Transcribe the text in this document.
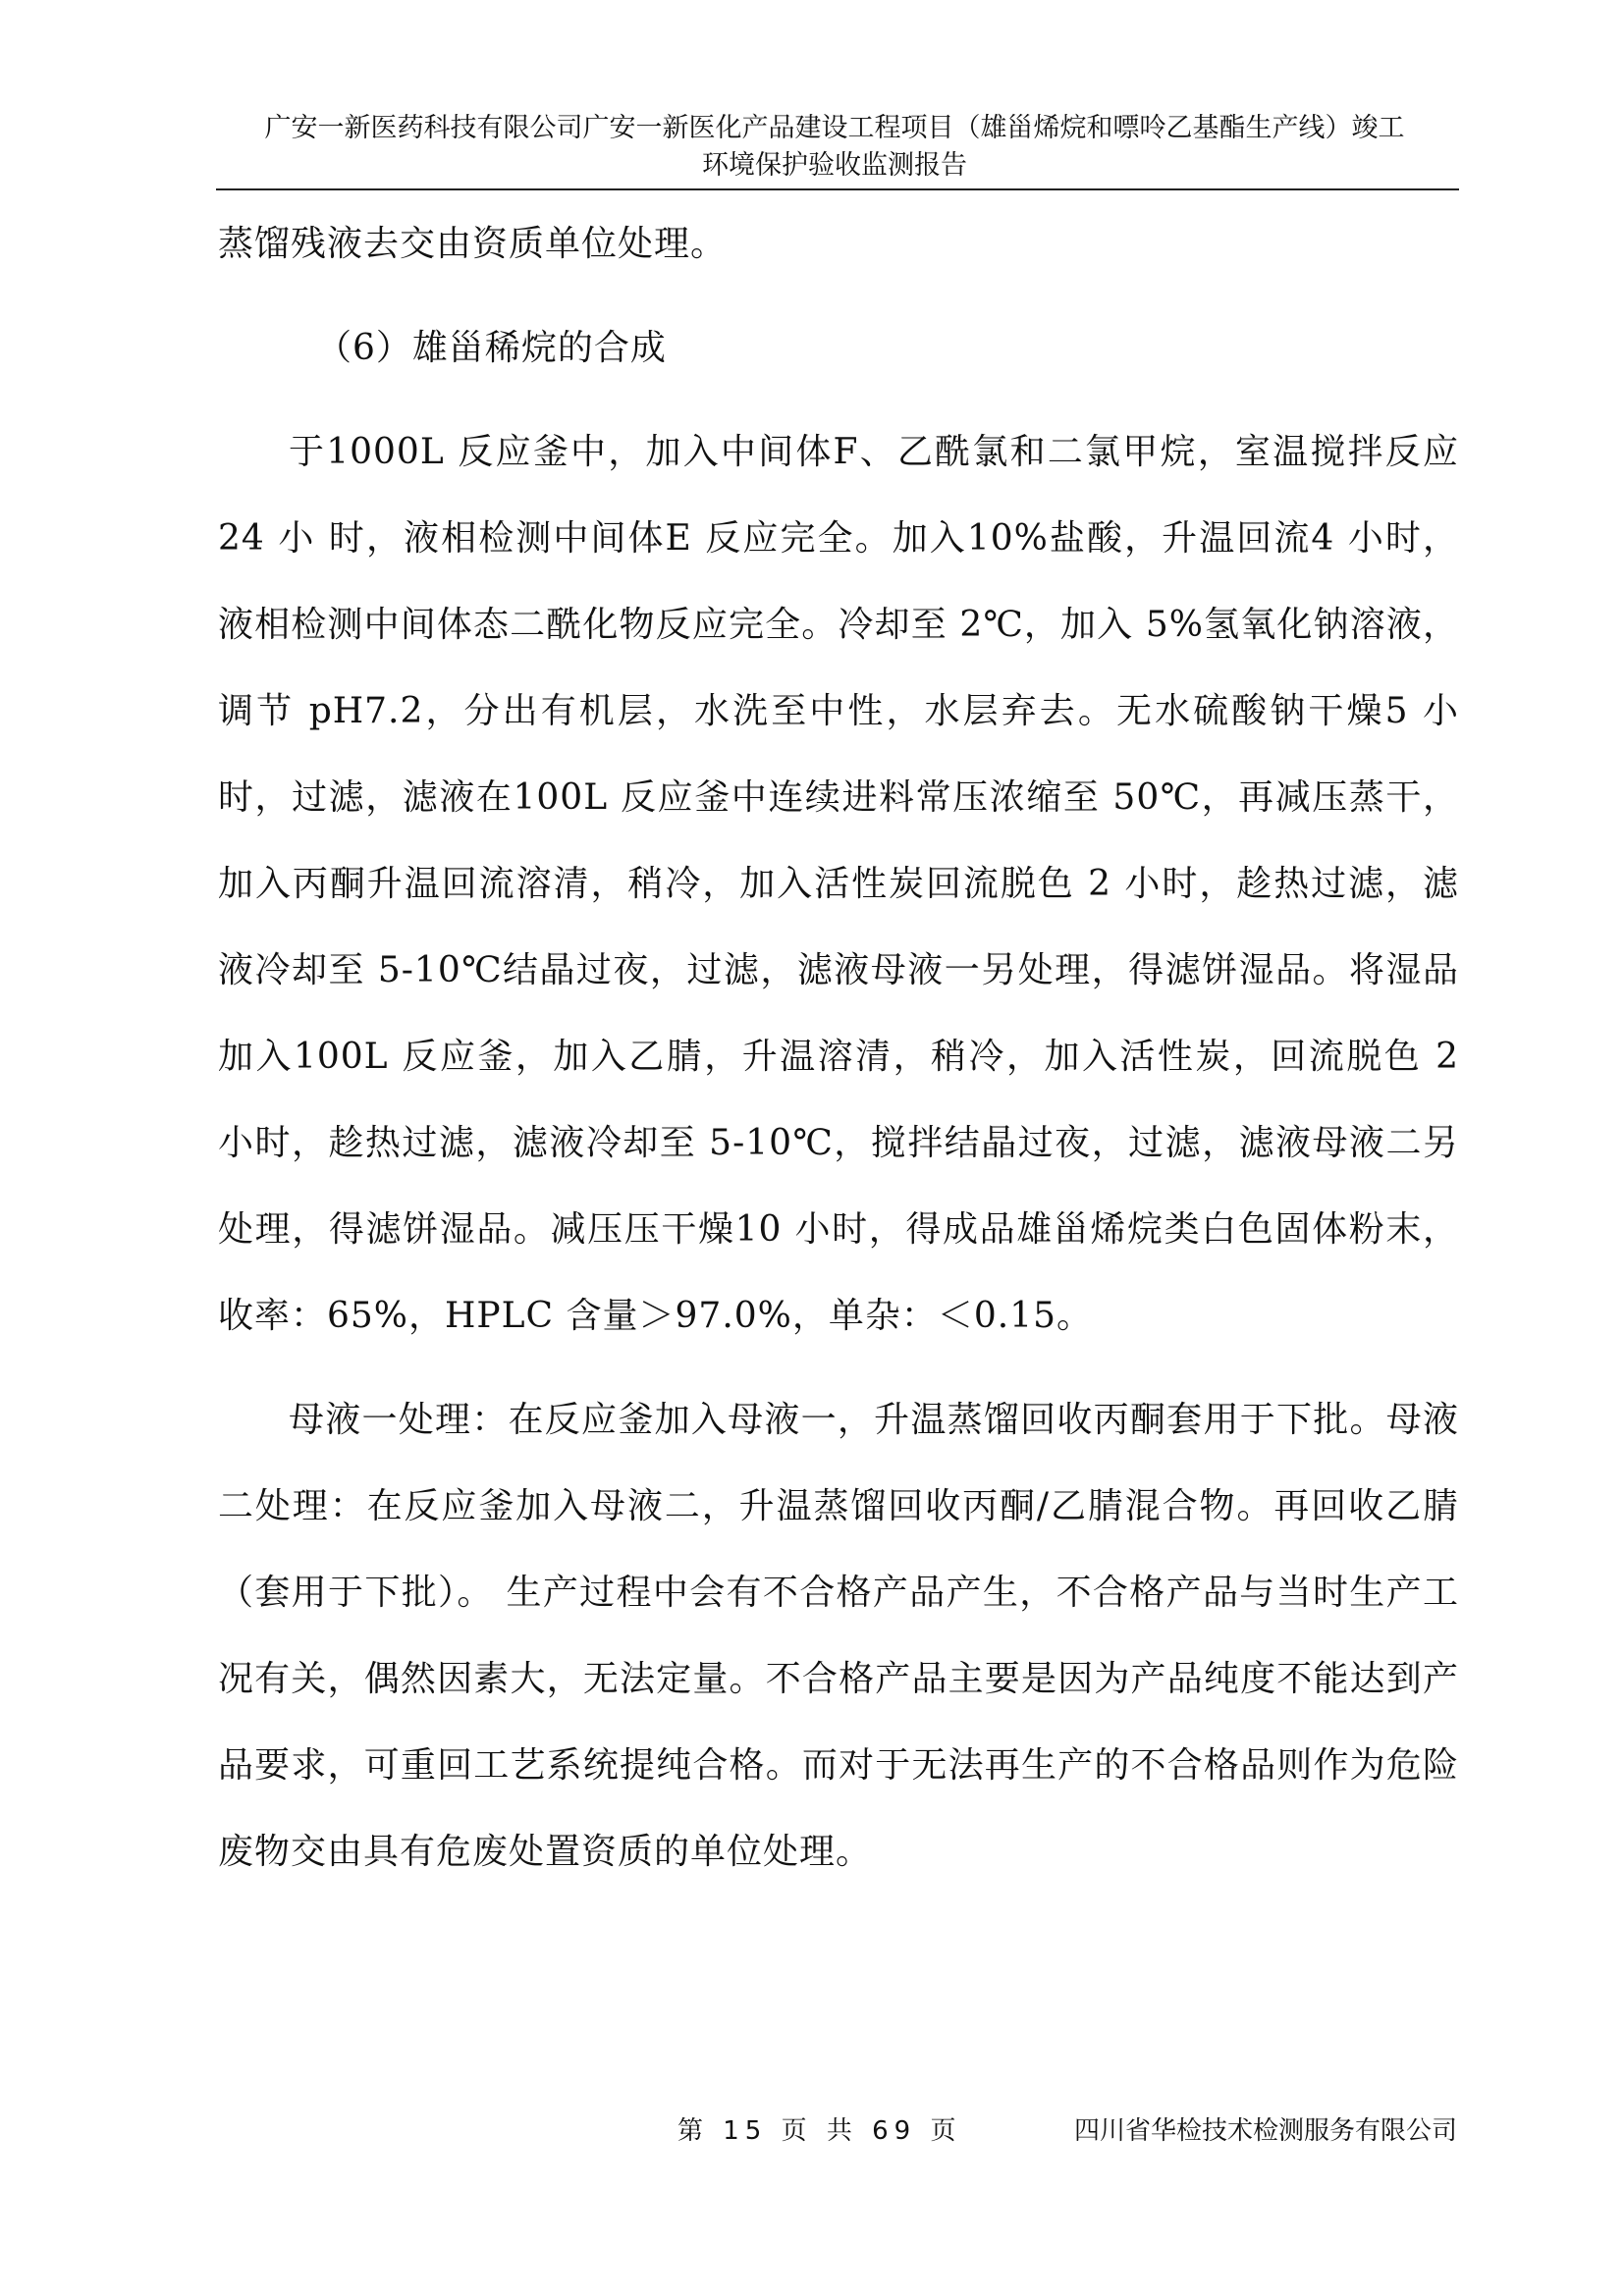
广安一新医药科技有限公司广安一新医化产品建设工程项目（雄甾烯烷和嘌呤乙基酯生产线）竣工
环境保护验收监测报告

蒸馏残液去交由资质单位处理。

（6）雄甾稀烷的合成

于1000L 反应釜中，加入中间体F、乙酰氯和二氯甲烷，室温搅拌反应24 小 时，液相检测中间体E 反应完全。加入10%盐酸，升温回流4 小时，液相检测中间体态二酰化物反应完全。冷却至 2℃，加入 5%氢氧化钠溶液，调节 pH7.2，分出有机层，水洗至中性，水层弃去。无水硫酸钠干燥5 小时，过滤，滤液在100L 反应釜中连续进料常压浓缩至 50℃，再减压蒸干，加入丙酮升温回流溶清，稍冷，加入活性炭回流脱色 2 小时，趁热过滤，滤液冷却至 5-10℃结晶过夜，过滤，滤液母液一另处理，得滤饼湿品。将湿品加入100L 反应釜，加入乙腈，升温溶清，稍冷，加入活性炭，回流脱色 2 小时，趁热过滤，滤液冷却至 5-10℃，搅拌结晶过夜，过滤，滤液母液二另处理，得滤饼湿品。减压压干燥10 小时，得成品雄甾烯烷类白色固体粉末，收率：65%，HPLC 含量＞97.0%，单杂：＜0.15。

母液一处理：在反应釜加入母液一，升温蒸馏回收丙酮套用于下批。母液二处理：在反应釜加入母液二，升温蒸馏回收丙酮/乙腈混合物。再回收乙腈（套用于下批）。 生产过程中会有不合格产品产生，不合格产品与当时生产工况有关，偶然因素大，无法定量。不合格产品主要是因为产品纯度不能达到产品要求，可重回工艺系统提纯合格。而对于无法再生产的不合格品则作为危险废物交由具有危废处置资质的单位处理。

第 15 页 共 69 页	四川省华检技术检测服务有限公司
